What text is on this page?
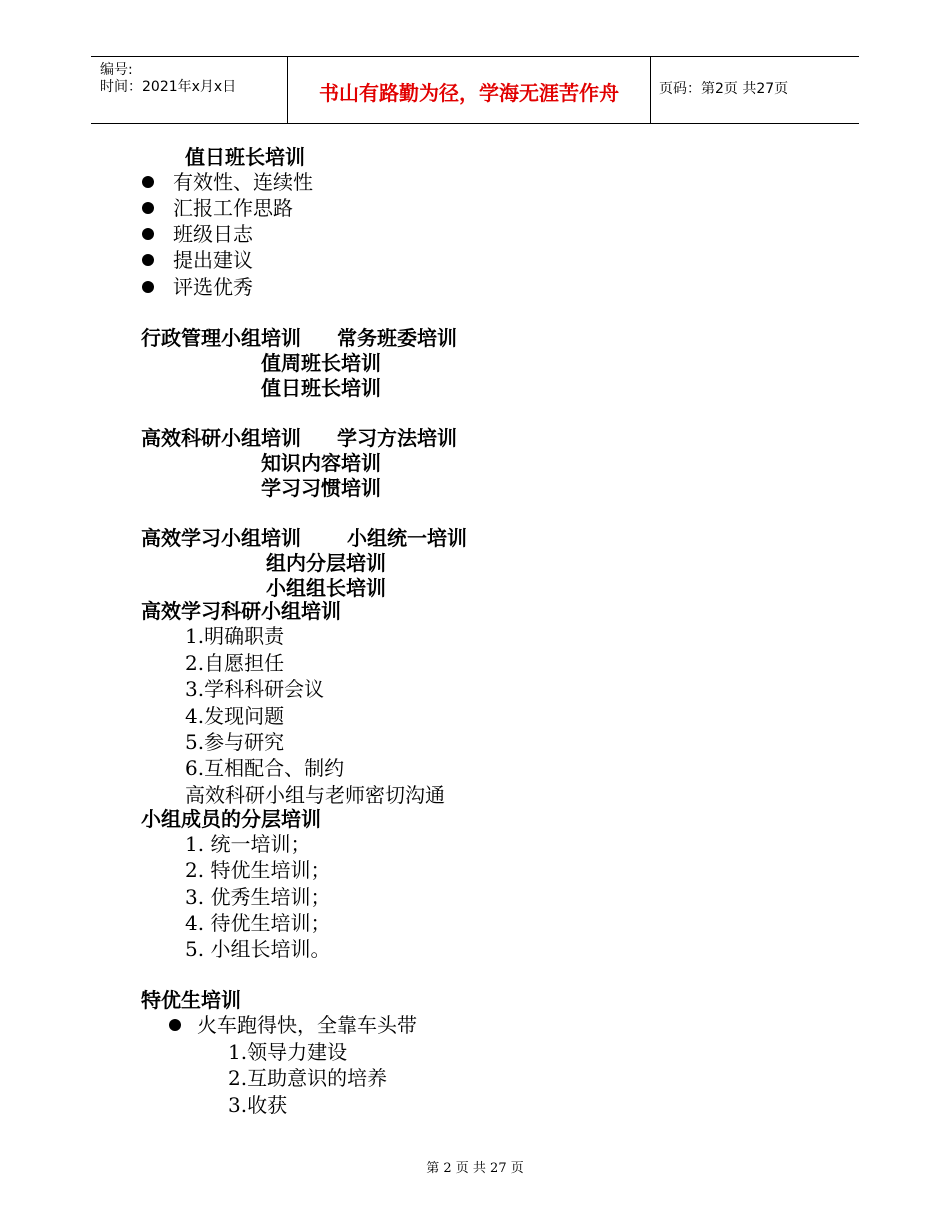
编号:
时间：2021年x月x日	书山有路勤为径，学海无涯苦作舟	页码：第2页 共27页
值日班长培训
有效性、连续性
汇报工作思路
班级日志
提出建议
评选优秀
行政管理小组培训 常务班委培训
值周班长培训
值日班长培训
高效科研小组培训 学习方法培训
知识内容培训
学习习惯培训
高效学习小组培训 小组统一培训
组内分层培训
小组组长培训
高效学习科研小组培训
1.明确职责
2.自愿担任
3.学科科研会议
4.发现问题
5.参与研究
6.互相配合、制约
高效科研小组与老师密切沟通
小组成员的分层培训
1. 统一培训；
2. 特优生培训；
3. 优秀生培训；
4. 待优生培训；
5. 小组长培训。
特优生培训
火车跑得快，全靠车头带
1.领导力建设
2.互助意识的培养
3.收获
第 2 页 共 27 页
